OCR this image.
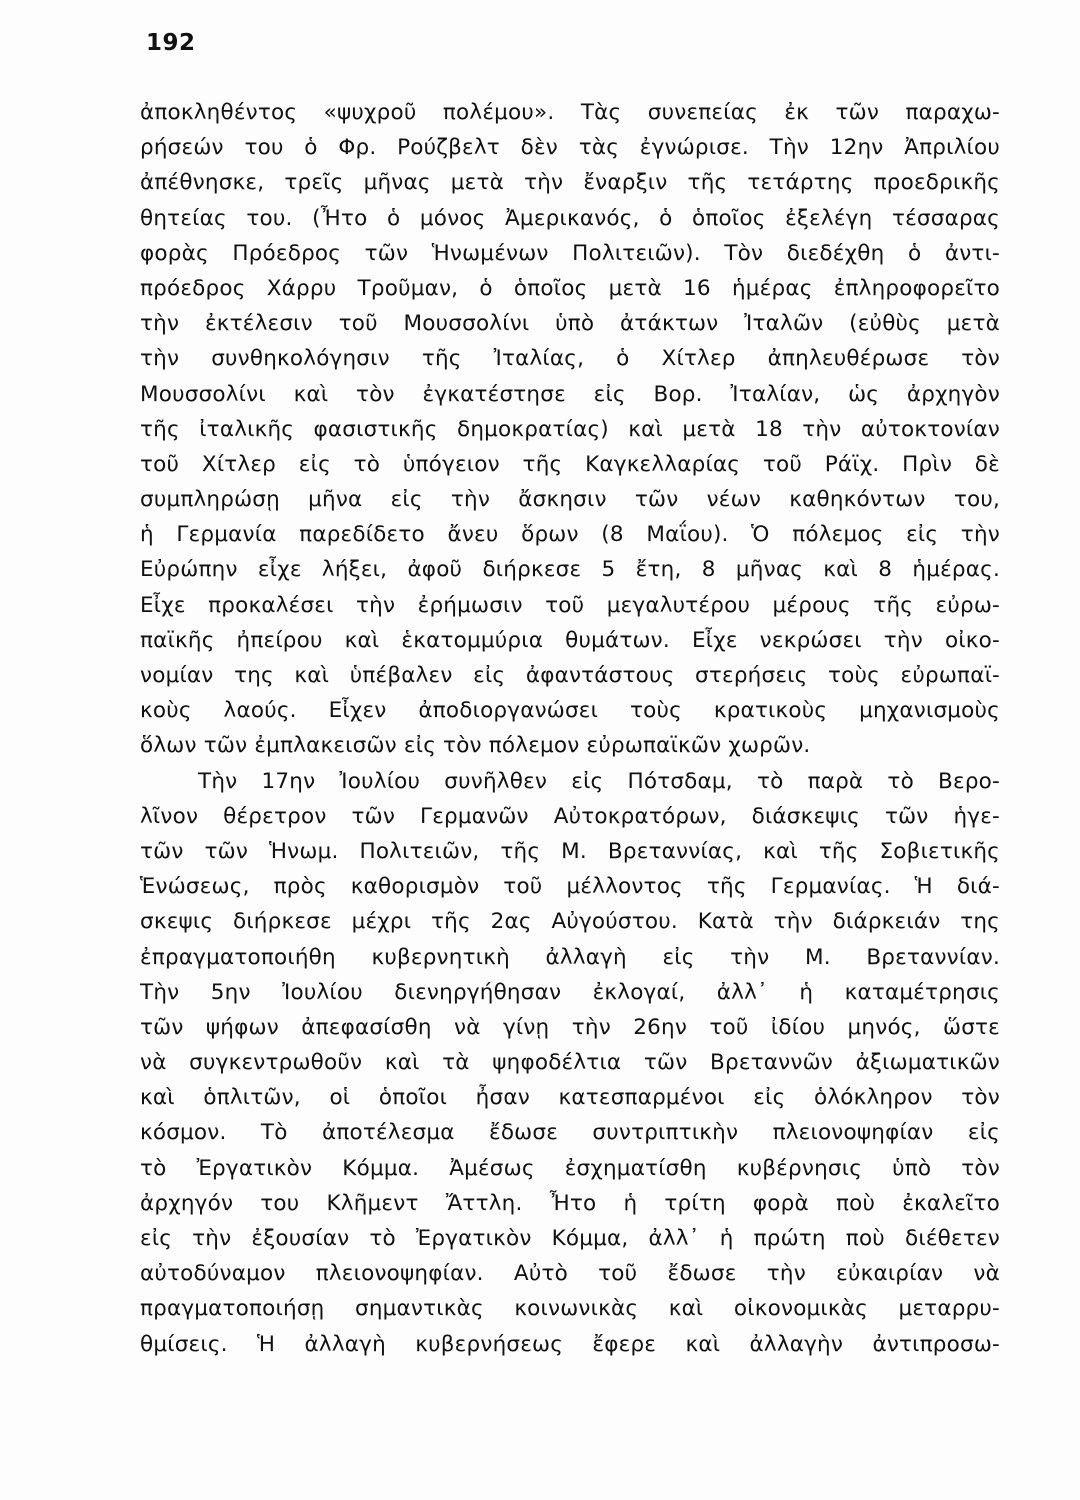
192

ἀποκληθέντος «ψυχροῦ πολέμου». Τὰς συνεπείας ἐκ τῶν παραχω-
ρήσεών του ὁ Φρ. Ρούζβελτ δὲν τὰς ἐγνώρισε. Τὴν 12ην Ἀπριλίου
ἀπέθνησκε, τρεῖς μῆνας μετὰ τὴν ἔναρξιν τῆς τετάρτης προεδρικῆς
θητείας του. (Ἦτο ὁ μόνος Ἀμερικανός, ὁ ὁποῖος ἐξελέγη τέσσαρας
φορὰς Πρόεδρος τῶν Ἡνωμένων Πολιτειῶν). Τὸν διεδέχθη ὁ ἀντι-
πρόεδρος Χάρρυ Τροῦμαν, ὁ ὁποῖος μετὰ 16 ἡμέρας ἐπληροφορεῖτο
τὴν ἐκτέλεσιν τοῦ Μουσσολίνι ὑπὸ ἀτάκτων Ἰταλῶν (εὐθὺς μετὰ
τὴν συνθηκολόγησιν τῆς Ἰταλίας, ὁ Χίτλερ ἀπηλευθέρωσε τὸν
Μουσσολίνι καὶ τὸν ἐγκατέστησε εἰς Βορ. Ἰταλίαν, ὡς ἀρχηγὸν
τῆς ἰταλικῆς φασιστικῆς δημοκρατίας) καὶ μετὰ 18 τὴν αὐτοκτονίαν
τοῦ Χίτλερ εἰς τὸ ὑπόγειον τῆς Καγκελλαρίας τοῦ Ράϊχ. Πρὶν δὲ
συμπληρώσῃ μῆνα εἰς τὴν ἄσκησιν τῶν νέων καθηκόντων του,
ἡ Γερμανία παρεδίδετο ἄνευ ὅρων (8 Μαΐου). Ὁ πόλεμος εἰς τὴν
Εὐρώπην εἶχε λήξει, ἀφοῦ διήρκεσε 5 ἔτη, 8 μῆνας καὶ 8 ἡμέρας.
Εἶχε προκαλέσει τὴν ἐρήμωσιν τοῦ μεγαλυτέρου μέρους τῆς εὐρω-
παϊκῆς ἠπείρου καὶ ἑκατομμύρια θυμάτων. Εἶχε νεκρώσει τὴν οἰκο-
νομίαν της καὶ ὑπέβαλεν εἰς ἀφαντάστους στερήσεις τοὺς εὐρωπαϊ-
κοὺς λαούς. Εἶχεν ἀποδιοργανώσει τοὺς κρατικοὺς μηχανισμοὺς
ὅλων τῶν ἐμπλακεισῶν εἰς τὸν πόλεμον εὐρωπαϊκῶν χωρῶν.
Τὴν 17ην Ἰουλίου συνῆλθεν εἰς Πότσδαμ, τὸ παρὰ τὸ Βερο-
λῖνον θέρετρον τῶν Γερμανῶν Αὐτοκρατόρων, διάσκεψις τῶν ἡγε-
τῶν τῶν Ἡνωμ. Πολιτειῶν, τῆς Μ. Βρεταννίας, καὶ τῆς Σοβιετικῆς
Ἑνώσεως, πρὸς καθορισμὸν τοῦ μέλλοντος τῆς Γερμανίας. Ἡ διά-
σκεψις διήρκεσε μέχρι τῆς 2ας Αὐγούστου. Κατὰ τὴν διάρκειάν της
ἐπραγματοποιήθη κυβερνητικὴ ἀλλαγὴ εἰς τὴν Μ. Βρεταννίαν.
Τὴν 5ην Ἰουλίου διενηργήθησαν ἐκλογαί, ἀλλ᾽ ἡ καταμέτρησις
τῶν ψήφων ἀπεφασίσθη νὰ γίνῃ τὴν 26ην τοῦ ἰδίου μηνός, ὥστε
νὰ συγκεντρωθοῦν καὶ τὰ ψηφοδέλτια τῶν Βρεταννῶν ἀξιωματικῶν
καὶ ὁπλιτῶν, οἱ ὁποῖοι ἦσαν κατεσπαρμένοι εἰς ὁλόκληρον τὸν
κόσμον. Τὸ ἀποτέλεσμα ἔδωσε συντριπτικὴν πλειονοψηφίαν εἰς
τὸ Ἐργατικὸν Κόμμα. Ἀμέσως ἐσχηματίσθη κυβέρνησις ὑπὸ τὸν
ἀρχηγόν του Κλῆμεντ Ἄττλη. Ἦτο ἡ τρίτη φορὰ ποὺ ἐκαλεῖτο
εἰς τὴν ἐξουσίαν τὸ Ἐργατικὸν Κόμμα, ἀλλ᾽ ἡ πρώτη ποὺ διέθετεν
αὐτοδύναμον πλειονοψηφίαν. Αὐτὸ τοῦ ἔδωσε τὴν εὐκαιρίαν νὰ
πραγματοποιήσῃ σημαντικὰς κοινωνικὰς καὶ οἰκονομικὰς μεταρρυ-
θμίσεις. Ἡ ἀλλαγὴ κυβερνήσεως ἔφερε καὶ ἀλλαγὴν ἀντιπροσω-
